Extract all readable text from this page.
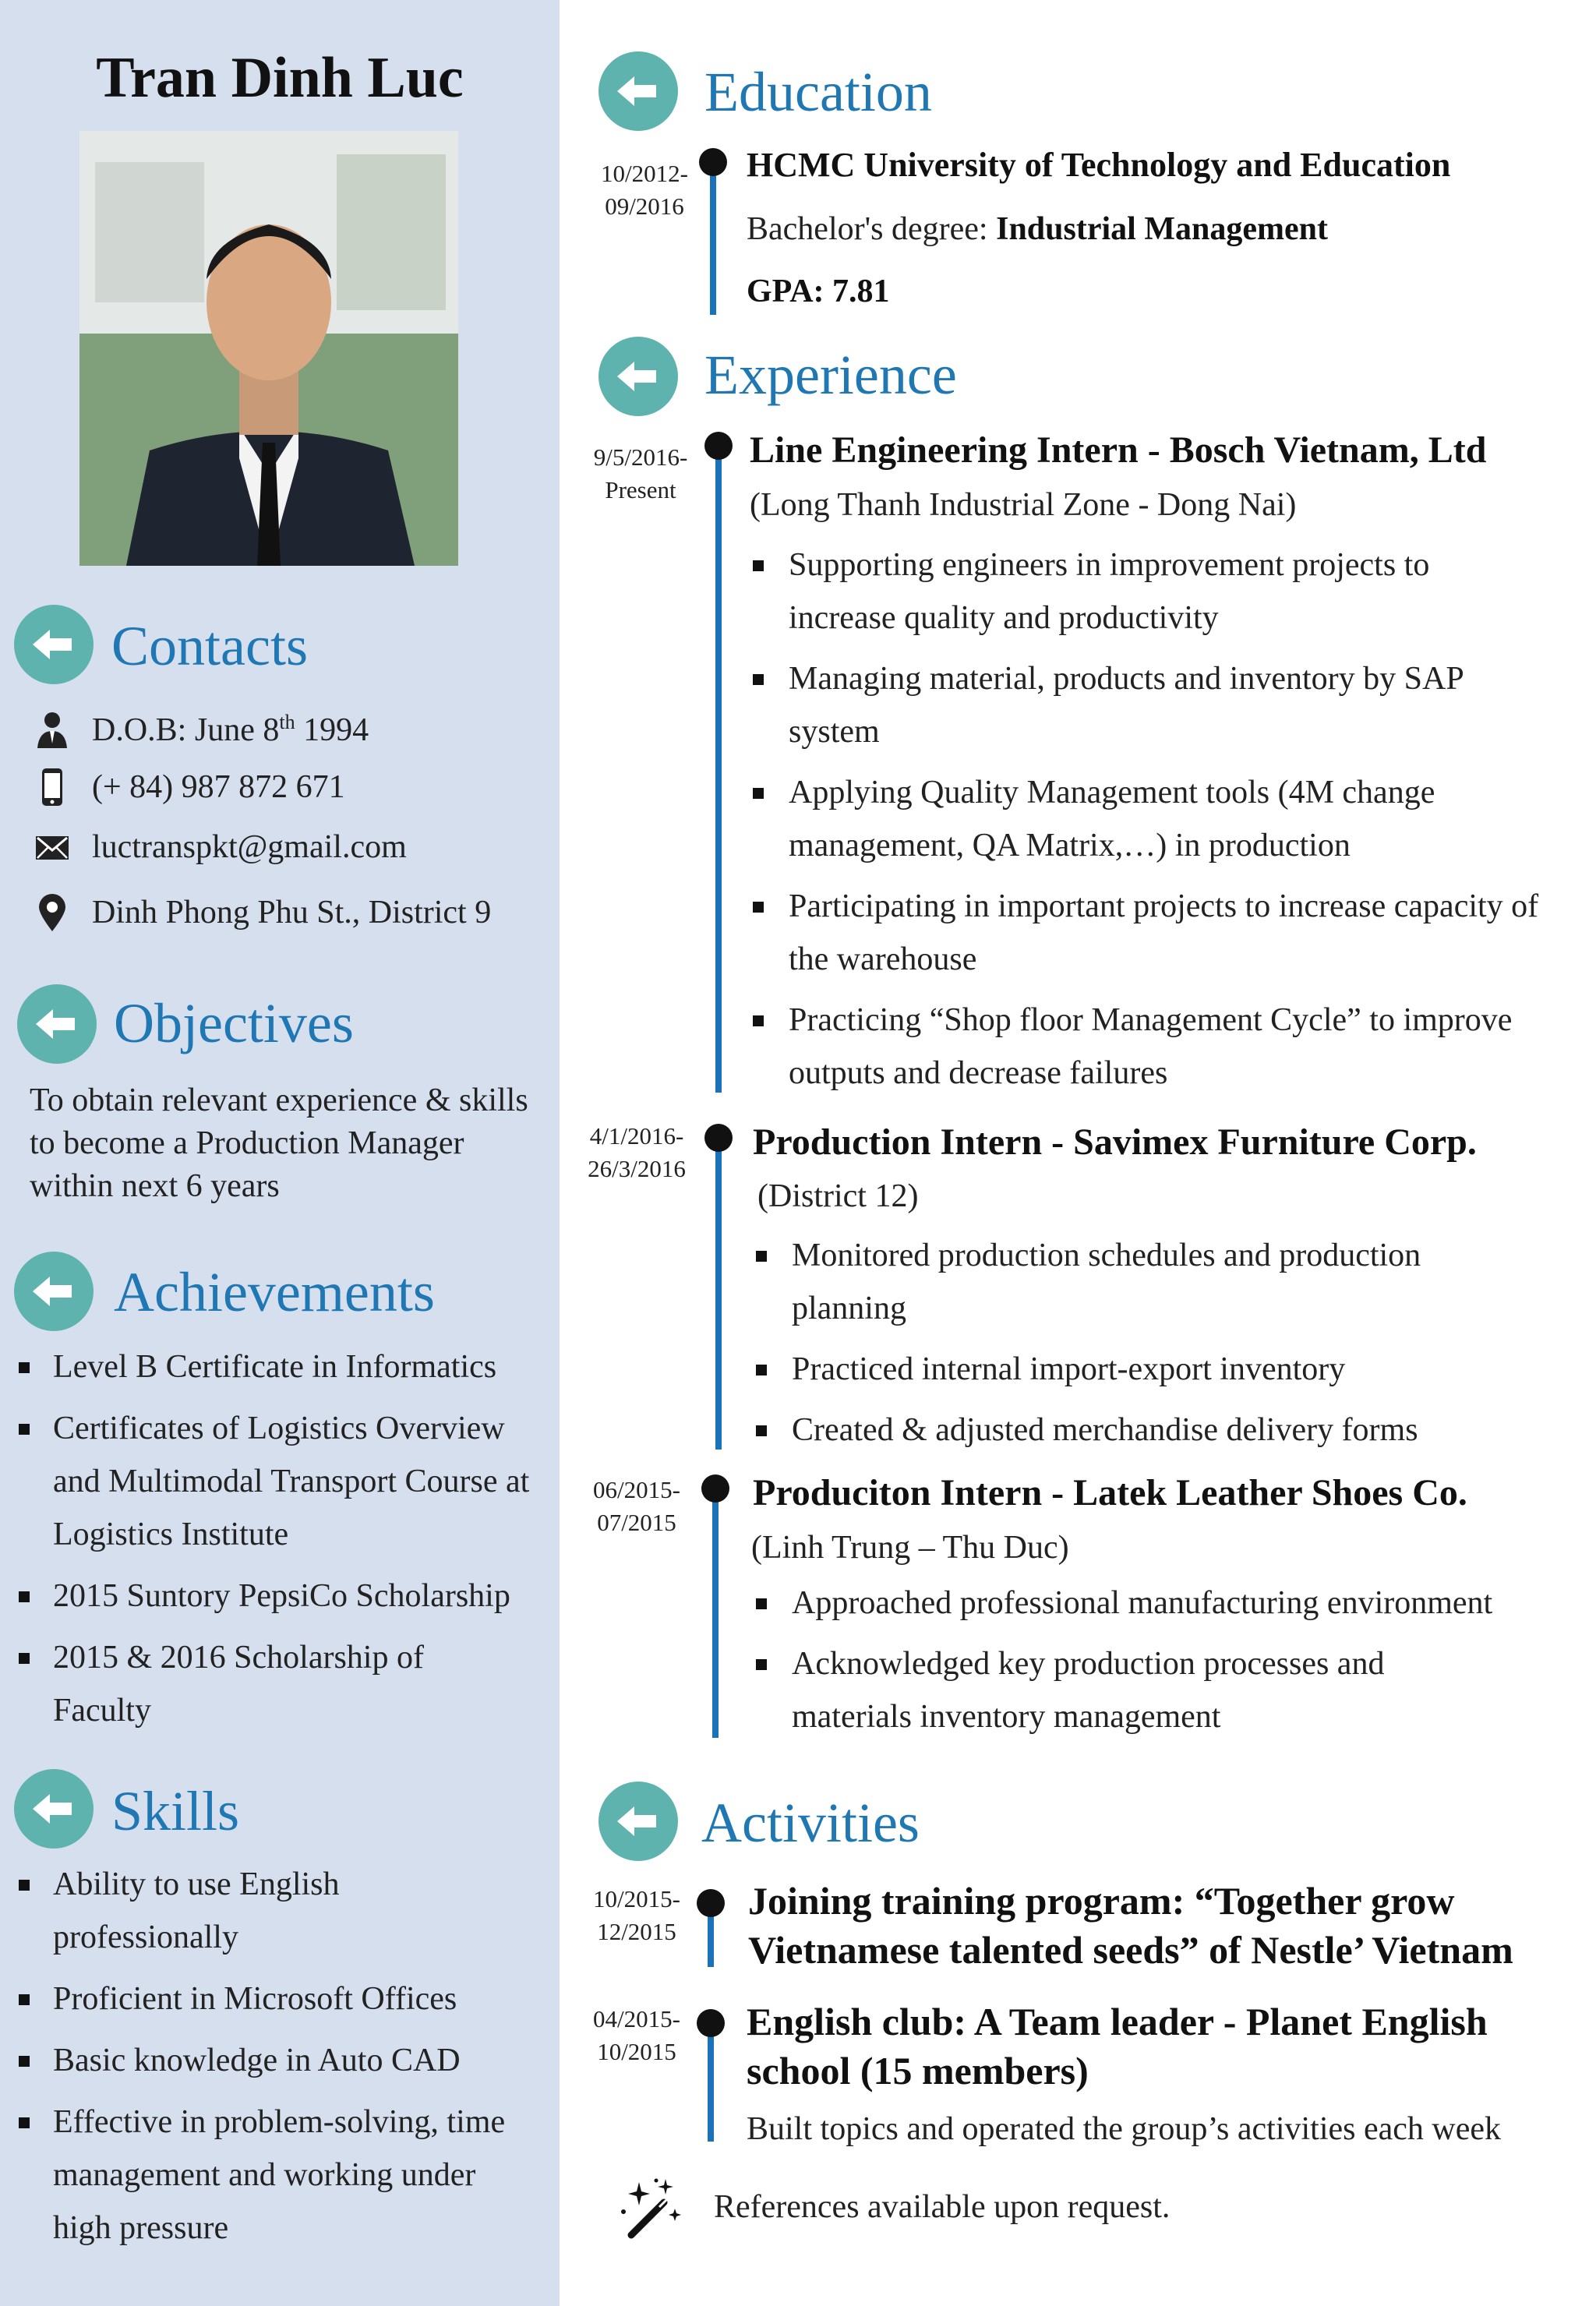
Tran Dinh Luc
Contacts
D.O.B: June 8th 1994
(+ 84) 987 872 671
luctranspkt@gmail.com
Dinh Phong Phu St., District 9
Objectives
To obtain relevant experience & skills to become a Production Manager within next 6 years
Achievements
Level B Certificate in Informatics
Certificates of Logistics Overview and Multimodal Transport Course at Logistics Institute
2015 Suntory PepsiCo Scholarship
2015 & 2016 Scholarship of Faculty
Skills
Ability to use English professionally
Proficient in Microsoft Offices
Basic knowledge in Auto CAD
Effective in problem-solving, time management and working under high pressure
Education
10/2012-
09/2016
HCMC University of Technology and Education
Bachelor's degree: Industrial Management
GPA: 7.81
Experience
9/5/2016-
Present
Line Engineering Intern - Bosch Vietnam, Ltd
(Long Thanh Industrial Zone - Dong Nai)
Supporting engineers in improvement projects to increase quality and productivity
Managing material, products and inventory by SAP system
Applying Quality Management tools (4M change management, QA Matrix,…) in production
Participating in important projects to increase capacity of the warehouse
Practicing “Shop floor Management Cycle” to improve outputs and decrease failures
4/1/2016-
26/3/2016
Production Intern - Savimex Furniture Corp.
(District 12)
Monitored production schedules and production planning
Practiced internal import-export inventory
Created & adjusted merchandise delivery forms
06/2015-
07/2015
Produciton Intern - Latek Leather Shoes Co.
(Linh Trung – Thu Duc)
Approached professional manufacturing environment
Acknowledged key production processes and materials inventory management
Activities
10/2015-
12/2015
Joining training program: “Together grow Vietnamese talented seeds” of Nestle’ Vietnam
04/2015-
10/2015
English club: A Team leader - Planet English school (15 members)
Built topics and operated the group’s activities each week
References available upon request.
